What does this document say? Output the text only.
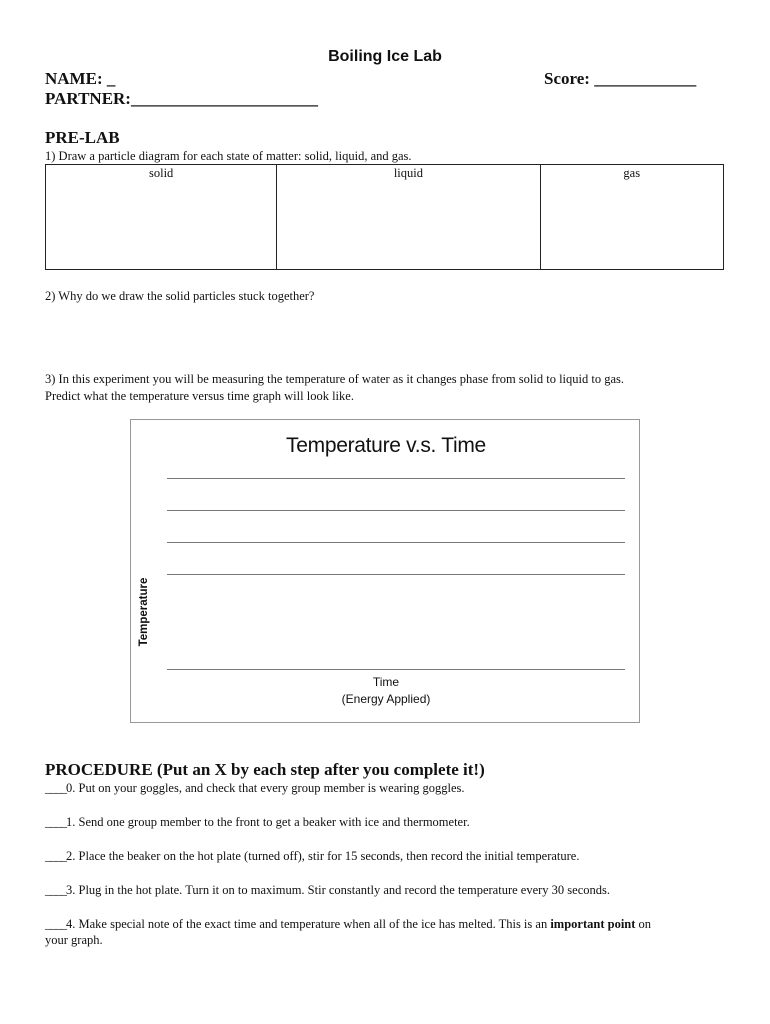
Boiling Ice Lab
NAME: _	Score: ____________
PARTNER:______________________
PRE-LAB
1) Draw a particle diagram for each state of matter: solid, liquid, and gas.
solid	liquid	gas
2) Why do we draw the solid particles stuck together?
3) In this experiment you will be measuring the temperature of water as it changes phase from solid to liquid to gas.
Predict what the temperature versus time graph will look like.
Temperature v.s. Time
Temperature
Time
(Energy Applied)
PROCEDURE (Put an X by each step after you complete it!)
____0. Put on your goggles, and check that every group member is wearing goggles.
____1. Send one group member to the front to get a beaker with ice and thermometer.
____2. Place the beaker on the hot plate (turned off), stir for 15 seconds, then record the initial temperature.
____3. Plug in the hot plate. Turn it on to maximum. Stir constantly and record the temperature every 30 seconds.
____4. Make special note of the exact time and temperature when all of the ice has melted. This is an important point on
your graph.
